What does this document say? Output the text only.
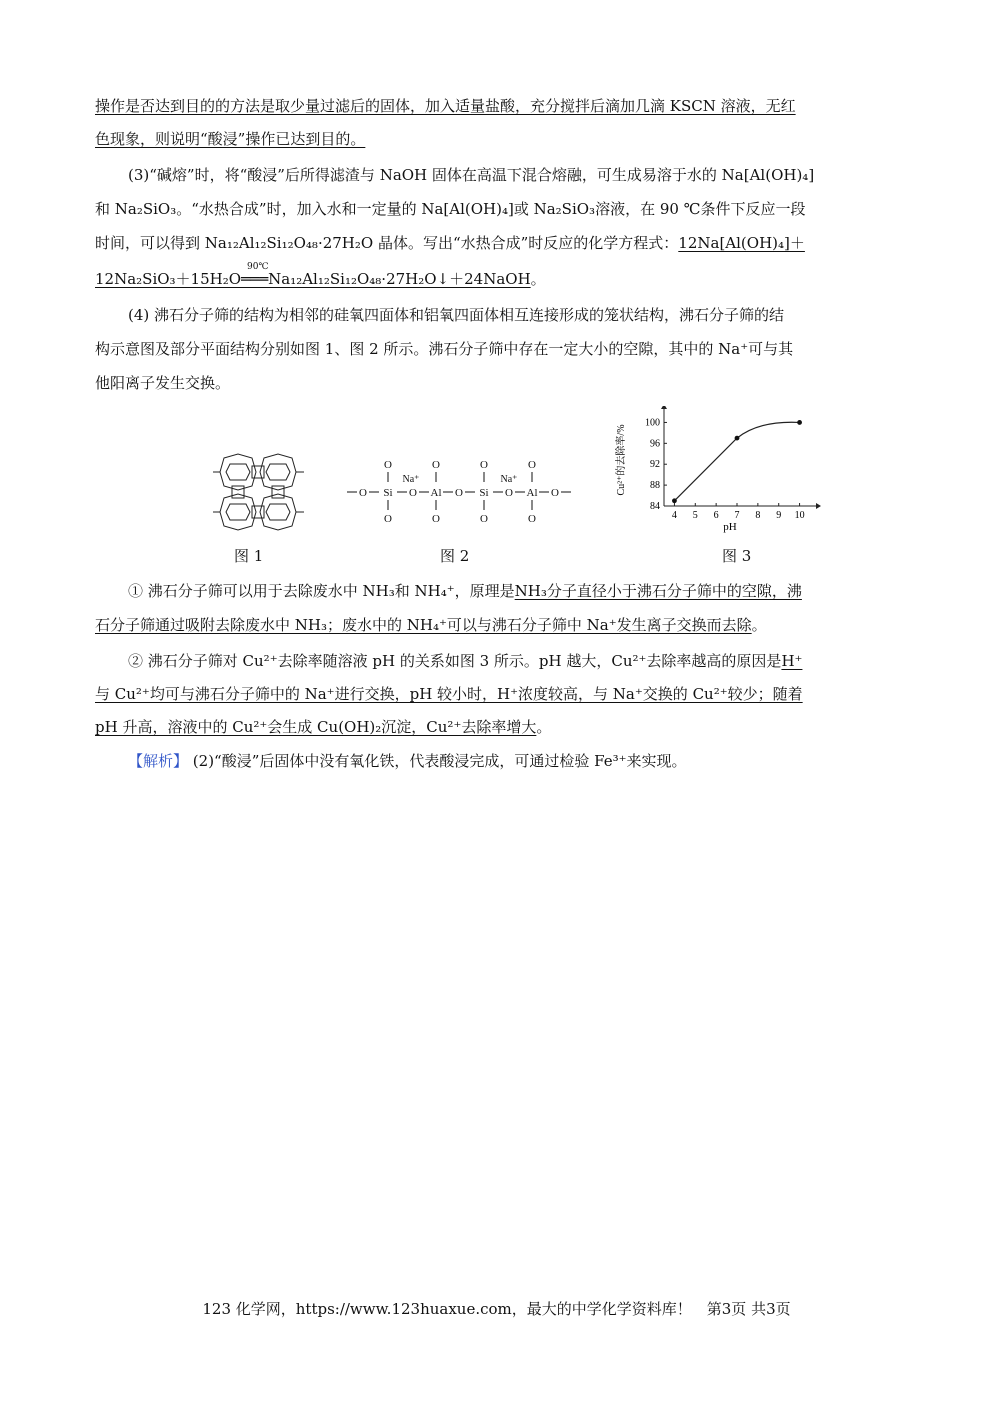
操作是否达到目的的方法是取少量过滤后的固体，加入适量盐酸，充分搅拌后滴加几滴 KSCN 溶液，无红
色现象，则说明“酸浸”操作已达到目的。
(3)“碱熔”时，将“酸浸”后所得滤渣与 NaOH 固体在高温下混合熔融，可生成易溶于水的 Na[Al(OH)₄]
和 Na₂SiO₃。“水热合成”时，加入水和一定量的 Na[Al(OH)₄]或 Na₂SiO₃溶液，在 90 ℃条件下反应一段
时间，可以得到 Na₁₂Al₁₂Si₁₂O₄₈·27H₂O 晶体。写出“水热合成”时反应的化学方程式：12Na[Al(OH)₄]＋
12Na₂SiO₃＋15H₂O═══Na₁₂Al₁₂Si₁₂O₄₈·27H₂O↓＋24NaOH。
90℃
(4) 沸石分子筛的结构为相邻的硅氧四面体和铝氧四面体相互连接形成的笼状结构，沸石分子筛的结
构示意图及部分平面结构分别如图 1、图 2 所示。沸石分子筛中存在一定大小的空隙，其中的 Na⁺可与其
他阳离子发生交换。
图 1
O Si O Al O Si O Al O
O
O
O
O
O
O
O
O
Na⁺	Na⁺
图 2
Cu²⁺的去除率/%
pH
4 5 6 7 8 9 10
84
88
92
96
100
图 3
① 沸石分子筛可以用于去除废水中 NH₃和 NH₄⁺，原理是NH₃分子直径小于沸石分子筛中的空隙，沸
石分子筛通过吸附去除废水中 NH₃；废水中的 NH₄⁺可以与沸石分子筛中 Na⁺发生离子交换而去除。
② 沸石分子筛对 Cu²⁺去除率随溶液 pH 的关系如图 3 所示。pH 越大，Cu²⁺去除率越高的原因是H⁺
与 Cu²⁺均可与沸石分子筛中的 Na⁺进行交换，pH 较小时，H⁺浓度较高，与 Na⁺交换的 Cu²⁺较少；随着
pH 升高，溶液中的 Cu²⁺会生成 Cu(OH)₂沉淀，Cu²⁺去除率增大。
【解析】 (2)“酸浸”后固体中没有氧化铁，代表酸浸完成，可通过检验 Fe³⁺来实现。
123 化学网，https://www.123huaxue.com，最大的中学化学资料库！　第3页 共3页
